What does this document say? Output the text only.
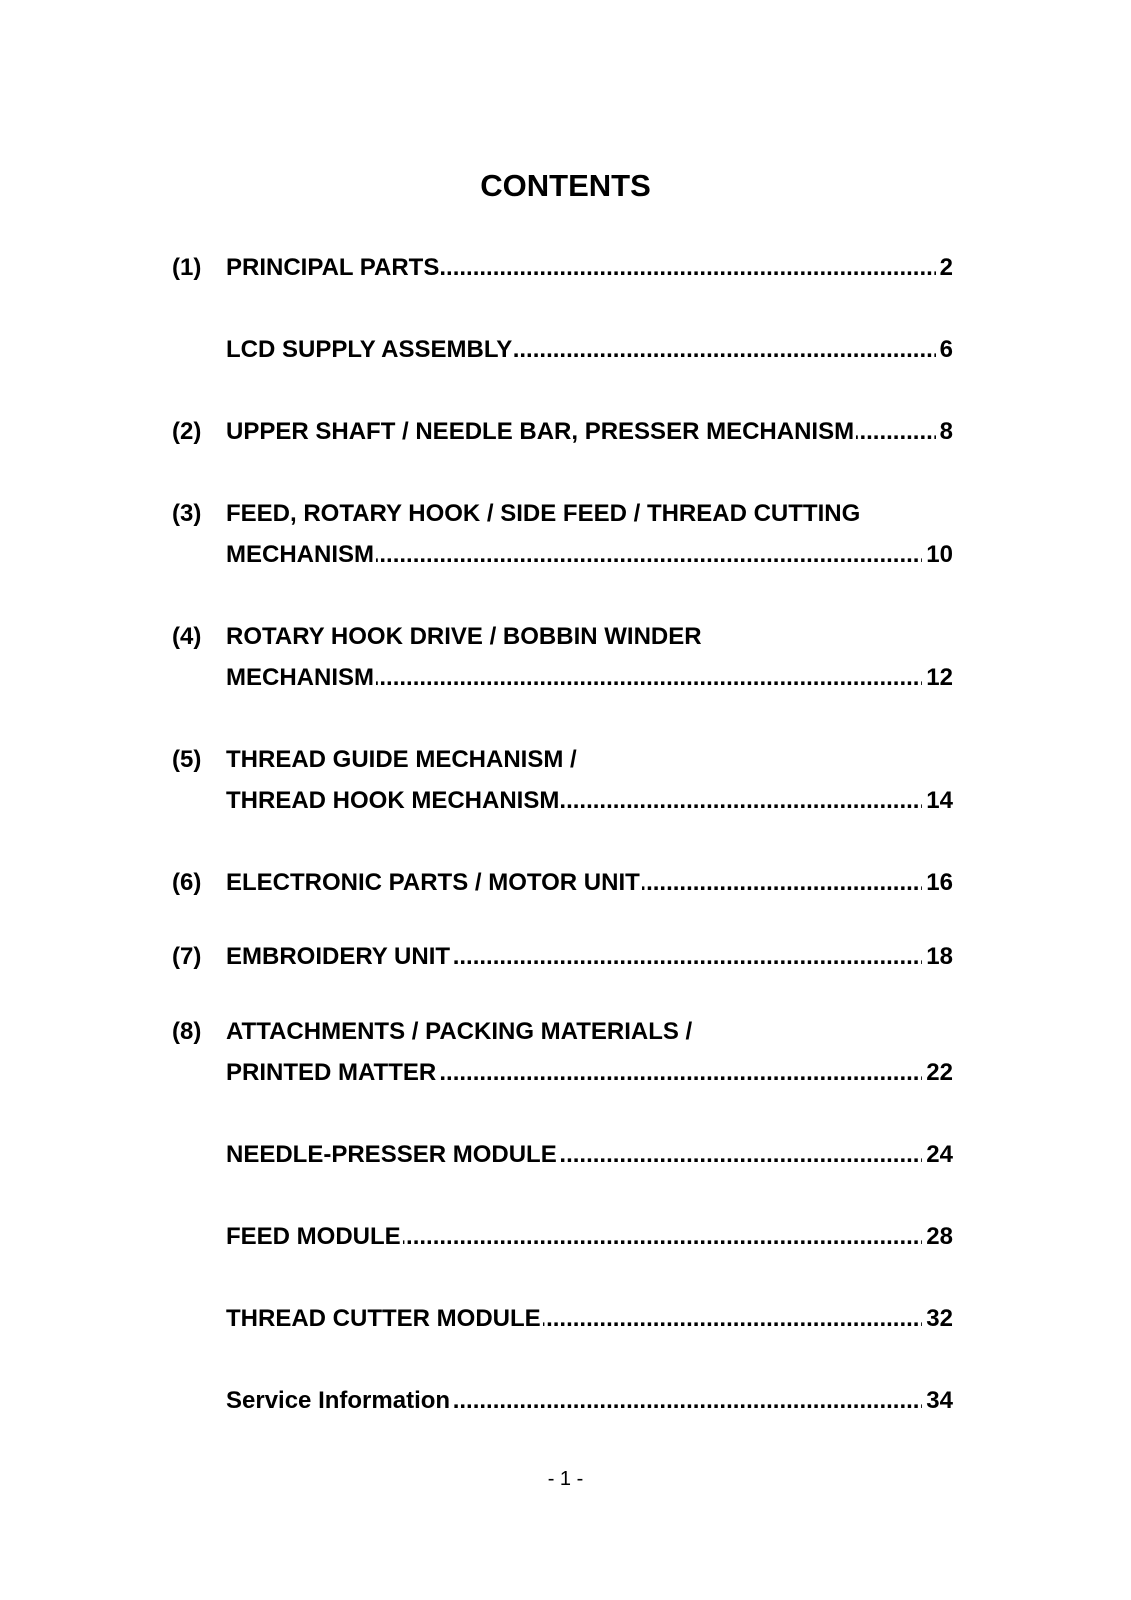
CONTENTS
(1)	..... PRINCIPAL PARTS	2
..... LCD SUPPLY ASSEMBLY	6
(2)	..... UPPER SHAFT / NEEDLE BAR, PRESSER MECHANISM	8
(3)	FEED, ROTARY HOOK / SIDE FEED / THREAD CUTTING
..... MECHANISM	10
(4)	ROTARY HOOK DRIVE / BOBBIN WINDER
..... MECHANISM	12
(5)	THREAD GUIDE MECHANISM /
..... THREAD HOOK MECHANISM	14
(6)	..... ELECTRONIC PARTS / MOTOR UNIT	16
(7)	..... EMBROIDERY UNIT	18
(8)	ATTACHMENTS / PACKING MATERIALS /
..... PRINTED MATTER	22
..... NEEDLE-PRESSER MODULE	24
..... FEED MODULE	28
..... THREAD CUTTER MODULE	32
..... Service Information	34
- 1 -
